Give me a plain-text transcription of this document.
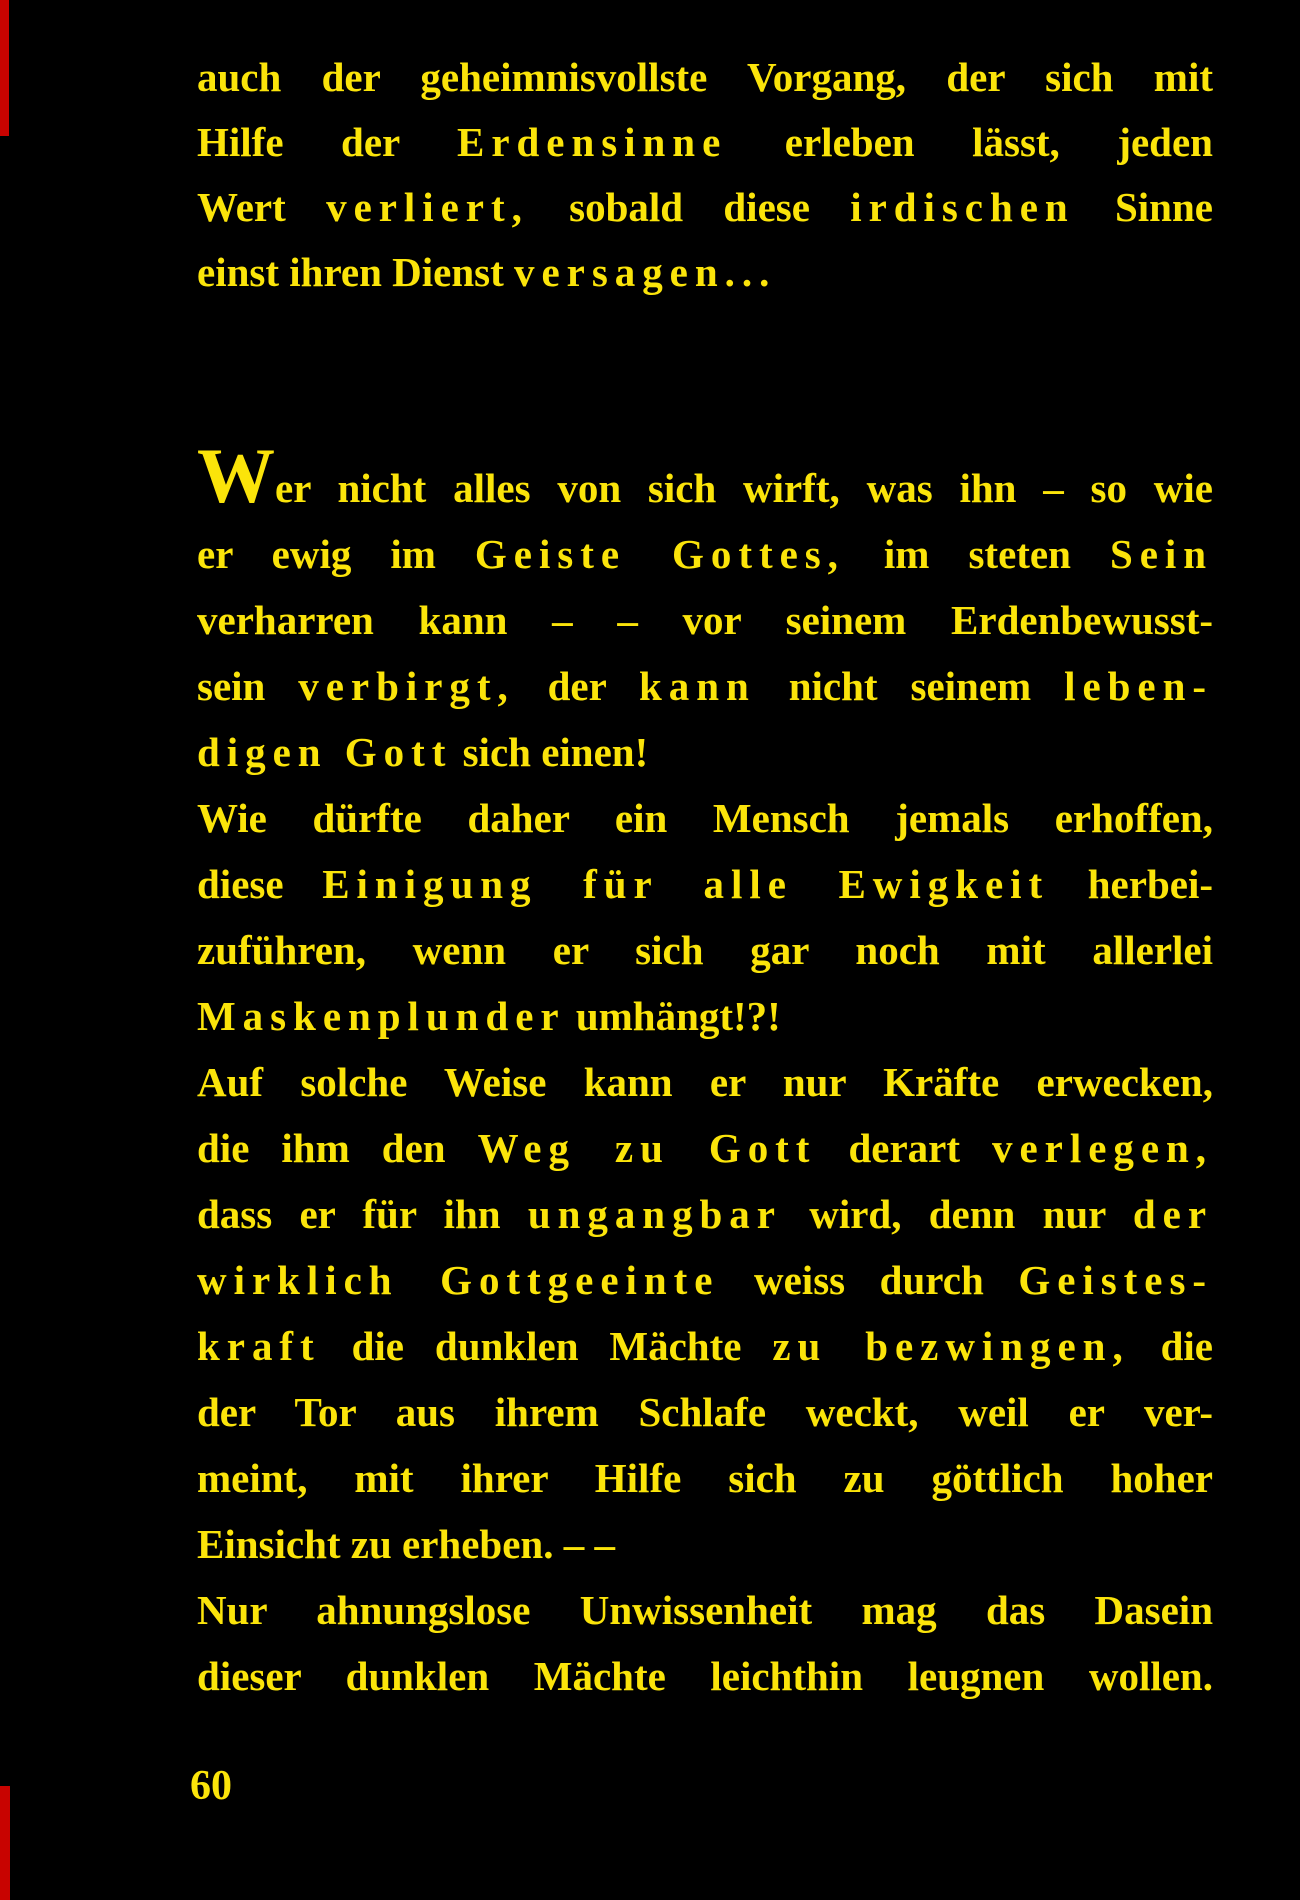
auch der geheimnisvollste Vorgang, der sich mit
Hilfe der Erdensinne erleben lässt, jeden
Wert verliert, sobald diese irdischen Sinne
einst ihren Dienst versagen...
Wer nicht alles von sich wirft, was ihn – so wie
er ewig im Geiste Gottes, im steten Sein
verharren kann – – vor seinem Erdenbewusst-
sein verbirgt, der kann nicht seinem leben-
digen Gott sich einen!
Wie dürfte daher ein Mensch jemals erhoffen,
diese Einigung für alle Ewigkeit herbei-
zuführen, wenn er sich gar noch mit allerlei
Maskenplunder umhängt!?!
Auf solche Weise kann er nur Kräfte erwecken,
die ihm den Weg zu Gott derart verlegen,
dass er für ihn ungangbar wird, denn nur der
wirklich Gottgeeinte weiss durch Geistes-
kraft die dunklen Mächte zu bezwingen, die
der Tor aus ihrem Schlafe weckt, weil er ver-
meint, mit ihrer Hilfe sich zu göttlich hoher
Einsicht zu erheben. – –
Nur ahnungslose Unwissenheit mag das Dasein
dieser dunklen Mächte leichthin leugnen wollen.
60
